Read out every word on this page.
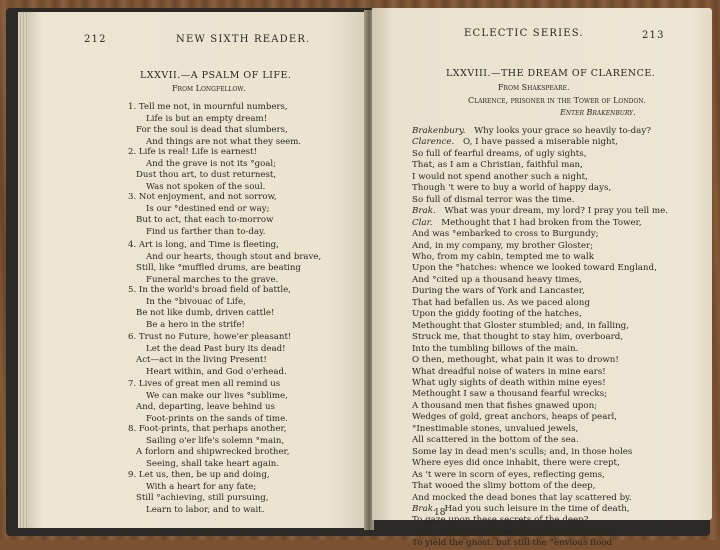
212	NEW SIXTH READER.
LXXVII.—A PSALM OF LIFE.
From Longfellow.
1. Tell me not, in mournful numbers,
Life is but an empty dream!
For the soul is dead that slumbers,
And things are not what they seem.
2. Life is real! Life is earnest!
And the grave is not its °goal;
Dust thou art, to dust returnest,
Was not spoken of the soul.
3. Not enjoyment, and not sorrow,
Is our °destined end or way;
But to act, that each to-morrow
Find us farther than to-day.
4. Art is long, and Time is fleeting,
And our hearts, though stout and brave,
Still, like °muffled drums, are beating
Funeral marches to the grave.
5. In the world's broad field of battle,
In the °bivouac of Life,
Be not like dumb, driven cattle!
Be a hero in the strife!
6. Trust no Future, howe'er pleasant!
Let the dead Past bury its dead!
Act—act in the living Present!
Heart within, and God o'erhead.
7. Lives of great men all remind us
We can make our lives °sublime,
And, departing, leave behind us
Foot-prints on the sands of time.
8. Foot-prints, that perhaps another,
Sailing o'er life's solemn °main,
A forlorn and shipwrecked brother,
Seeing, shall take heart again.
9. Let us, then, be up and doing,
With a heart for any fate;
Still °achieving, still pursuing,
Learn to labor, and to wait.
ECLECTIC SERIES.	213
LXXVIII.—THE DREAM OF CLARENCE.
From Shakspeare.
Clarence, prisoner in the Tower of London.
Enter Brakenbury.
Brakenbury.  Why looks your grace so heavily to-day?
Clarence.  O, I have passed a miserable night,
So full of fearful dreams, of ugly sights,
That, as I am a Christian, faithful man,
I would not spend another such a night,
Though 't were to buy a world of happy days,
So full of dismal terror was the time.
Brak.  What was your dream, my lord? I pray you tell me.
Clar.  Methought that I had broken from the Tower,
And was °embarked to cross to Burgundy;
And, in my company, my brother Gloster;
Who, from my cabin, tempted me to walk
Upon the °hatches: whence we looked toward England,
And °cited up a thousand heavy times,
During the wars of York and Lancaster,
That had befallen us. As we paced along
Upon the giddy footing of the hatches,
Methought that Gloster stumbled; and, in falling,
Struck me, that thought to stay him, overboard,
Into the tumbling billows of the main.
O then, methought, what pain it was to drown!
What dreadful noise of waters in mine ears!
What ugly sights of death within mine eyes!
Methought I saw a thousand fearful wrecks;
A thousand men that fishes gnawed upon;
Wedges of gold, great anchors, heaps of pearl,
°Inestimable stones, unvalued jewels,
All scattered in the bottom of the sea.
Some lay in dead men's sculls; and, in those holes
Where eyes did once inhabit, there were crept,
As 't were in scorn of eyes, reflecting gems,
That wooed the slimy bottom of the deep,
And mocked the dead bones that lay scattered by.
Brak.  Had you such leisure in the time of death,
To gaze upon these secrets of the deep?
Clar.  Methought I had; and often did I strive
To yield the ghost: but still the °envious flood
18
